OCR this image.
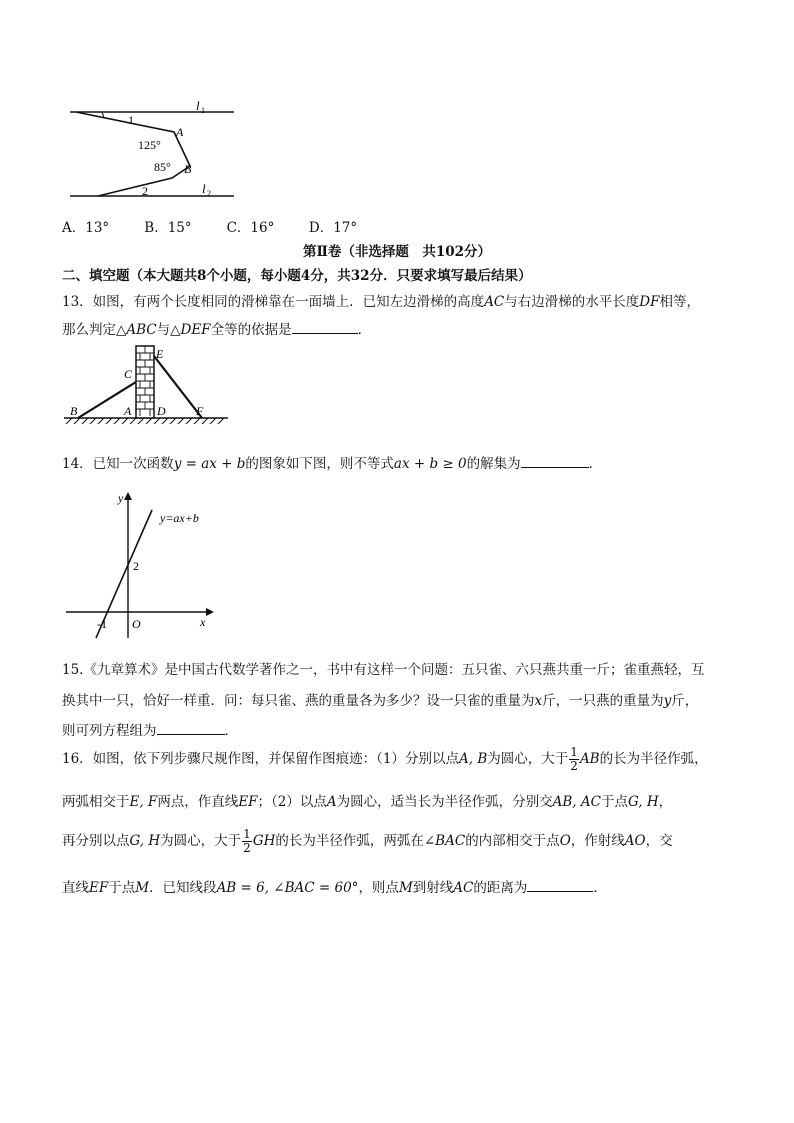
l 1
l 2
1
2
A
B
125°
85°
A．13°	B．15°	C．16°	D．17°
第Ⅱ卷（非选择题　共102分）
二、填空题（本大题共8个小题，每小题4分，共32分．只要求填写最后结果）
13．如图，有两个长度相同的滑梯靠在一面墙上．已知左边滑梯的高度AC与右边滑梯的水平长度DF相等，
那么判定△ABC与△DEF全等的依据是	．
B	A
C
E
D	F
14．已知一次函数y = ax + b的图象如下图，则不等式ax + b ≥ 0的解集为	．
y
x
O
-1
2
y=ax+b
15.《九章算术》是中国古代数学著作之一，书中有这样一个问题：五只雀、六只燕共重一斤；雀重燕轻，互
换其中一只，恰好一样重．问：每只雀、燕的重量各为多少？设一只雀的重量为x斤，一只燕的重量为y斤，
则可列方程组为	．
16．如图，依下列步骤尺规作图，并保留作图痕迹：（1）分别以点A, B为圆心，大于 $\frac{1}{2}$ AB的长为半径作弧，
两弧相交于E, F两点，作直线EF；（2）以点A为圆心，适当长为半径作弧，分别交AB, AC于点G, H，
再分别以点G, H为圆心，大于 $\frac{1}{2}$ GH的长为半径作弧，两弧在∠BAC的内部相交于点O，作射线AO，交
直线EF于点M．已知线段AB = 6, ∠BAC = 60°，则点M到射线AC的距离为	．
